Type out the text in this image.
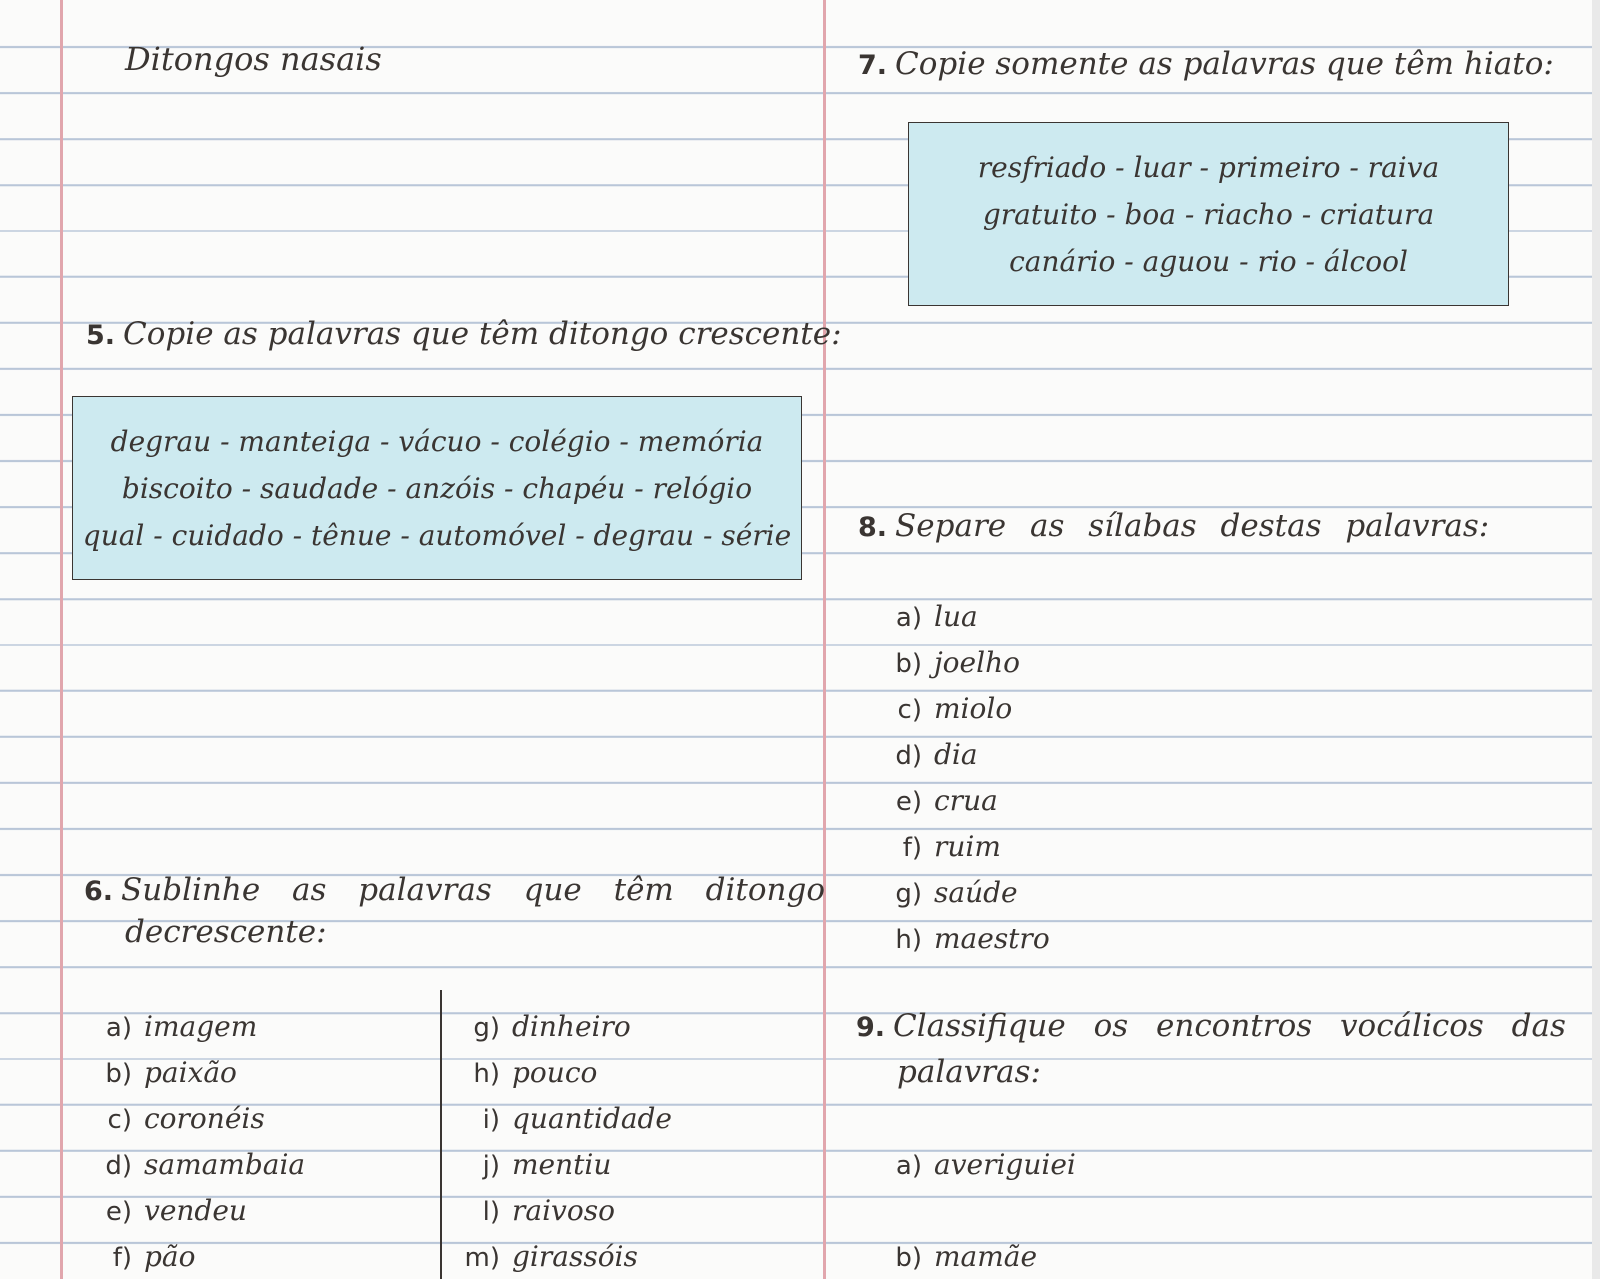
Ditongos nasais
5. Copie as palavras que têm ditongo crescente:
degrau - manteiga - vácuo - colégio - memória
biscoito - saudade - anzóis - chapéu - relógio
qual - cuidado - tênue - automóvel - degrau - série
6. Sublinhe as palavras que têm ditongo
decrescente:
a) imagem
b) paixão
c) coronéis
d) samambaia
e) vendeu
f) pão
g) dinheiro
h) pouco
i) quantidade
j) mentiu
l) raivoso
m) girassóis
7. Copie somente as palavras que têm hiato:
resfriado - luar - primeiro - raiva
gratuito - boa - riacho - criatura
canário - aguou - rio - álcool
8. Separe as sílabas destas palavras:
a) lua
b) joelho
c) miolo
d) dia
e) crua
f) ruim
g) saúde
h) maestro
9. Classifique os encontros vocálicos das
palavras:
a) averiguiei
b) mamãe
